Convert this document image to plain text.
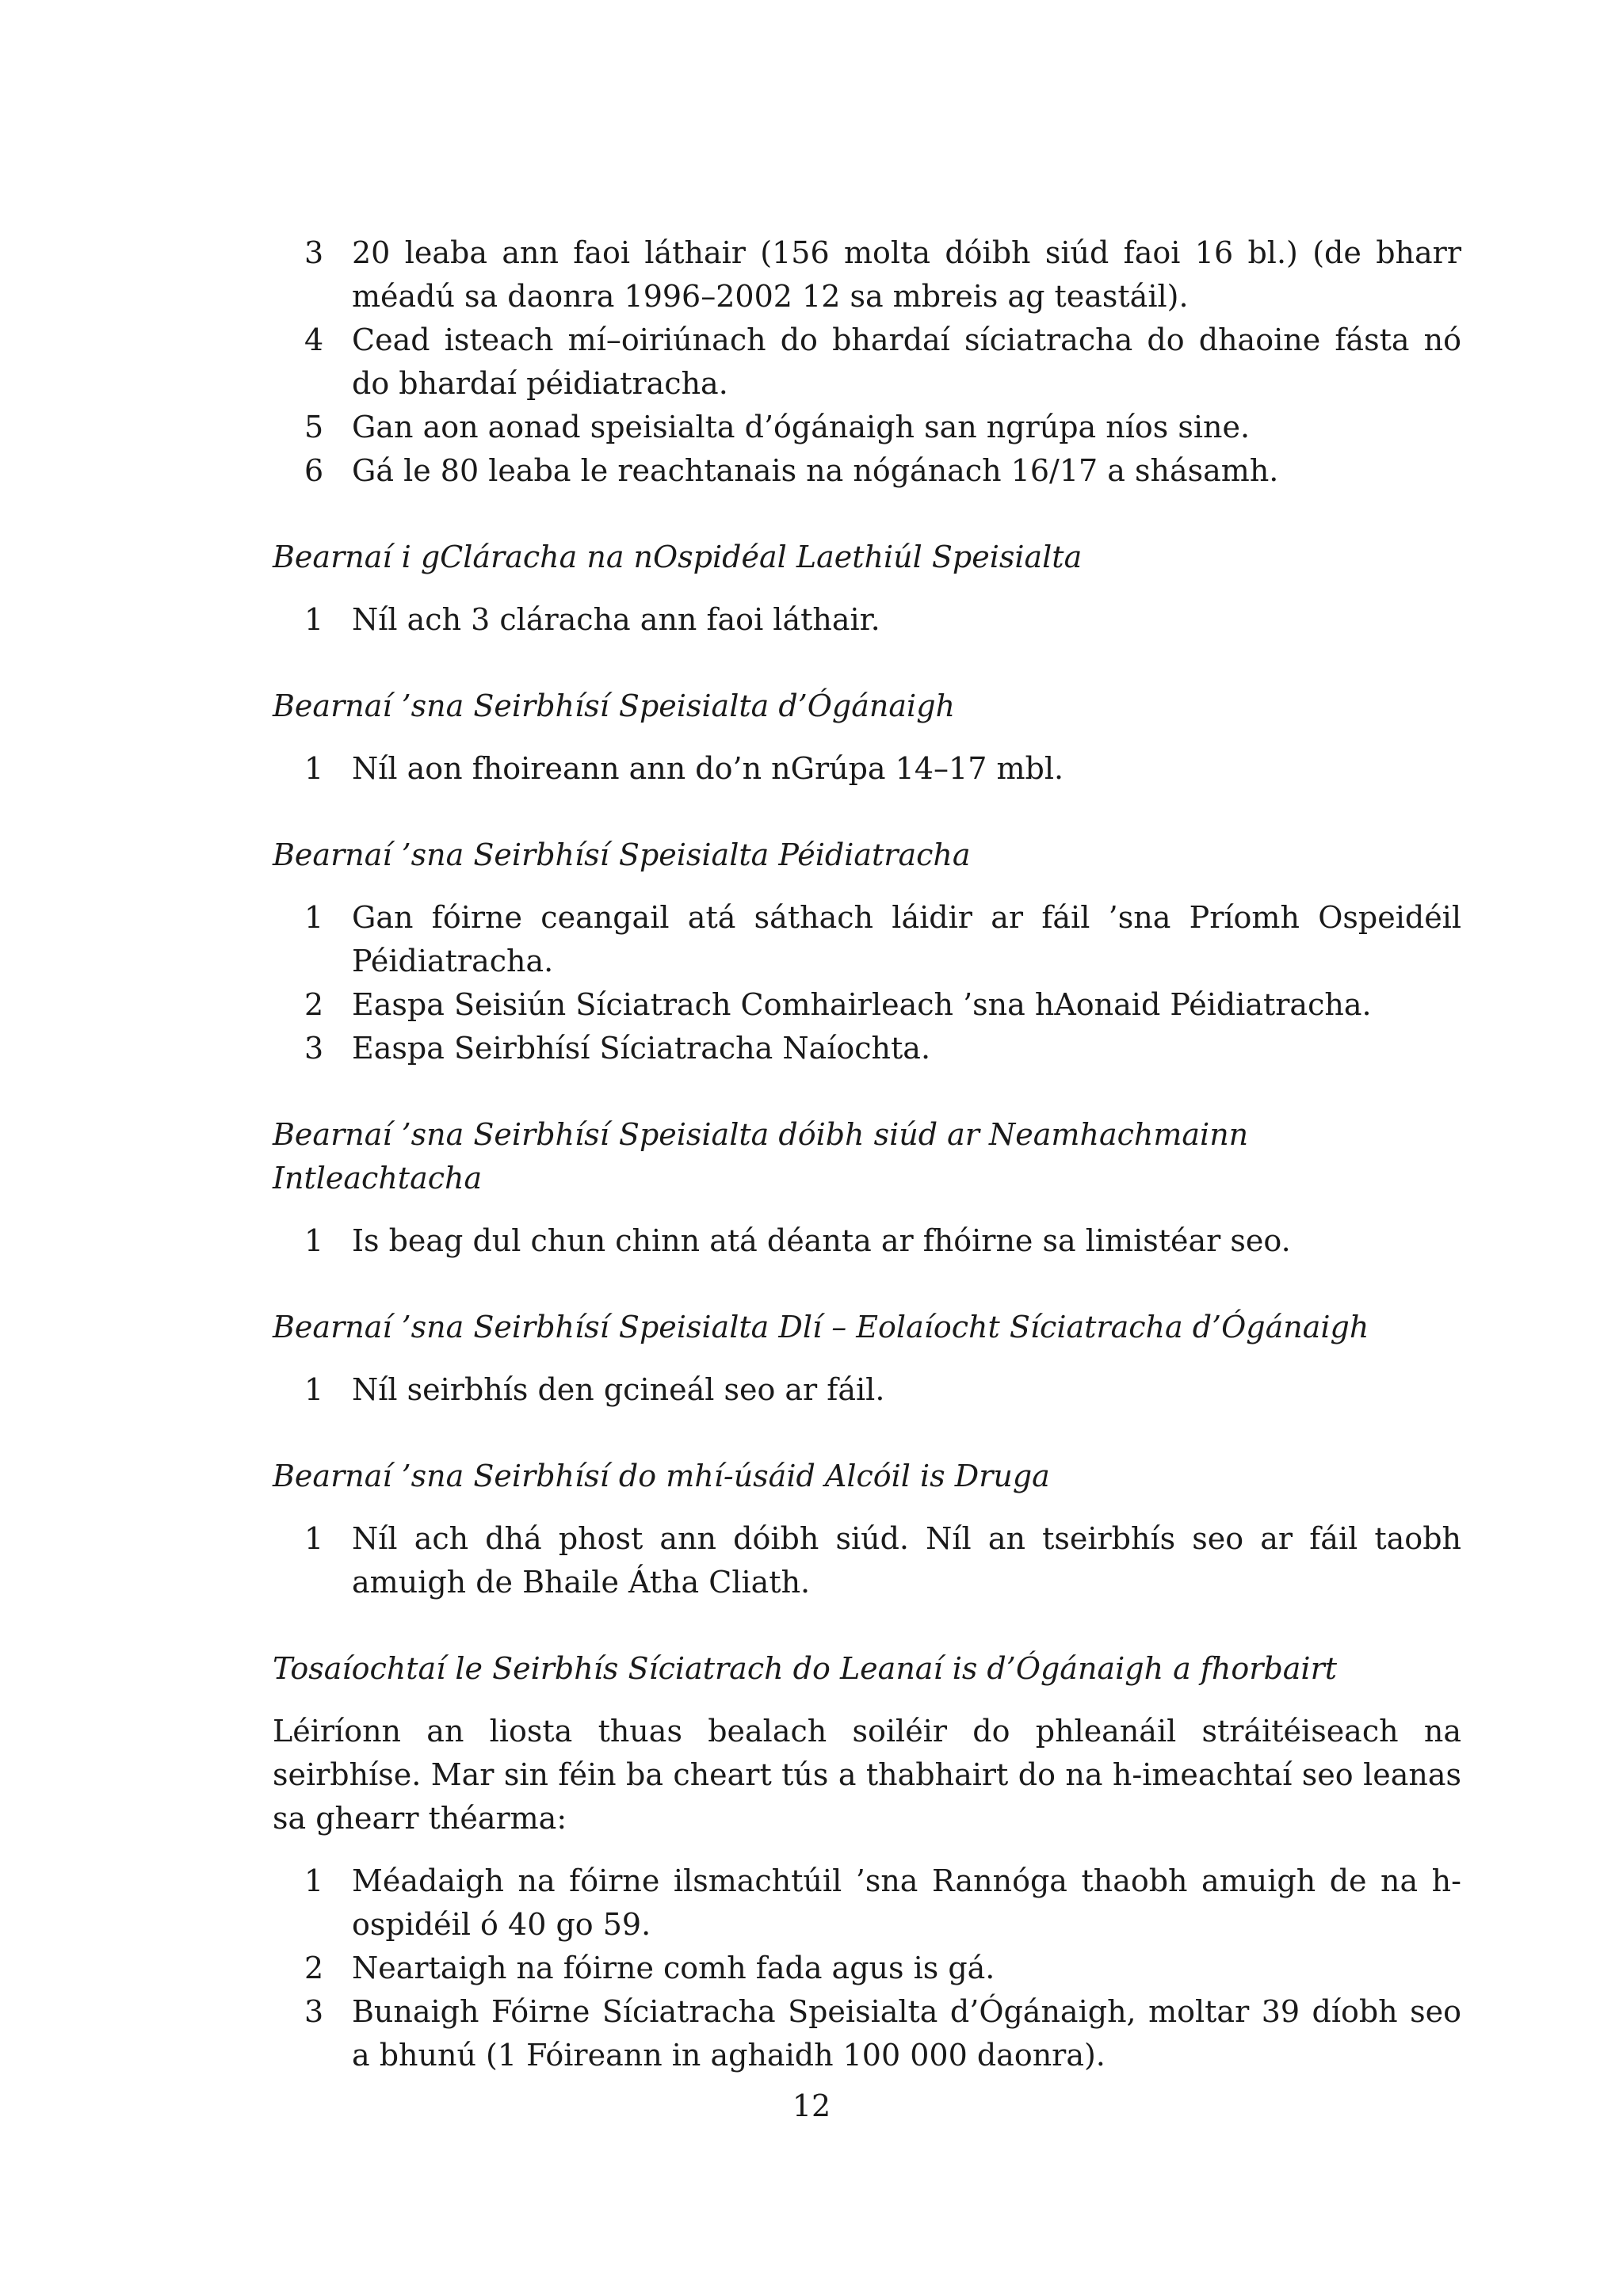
3 20 leaba ann faoi láthair (156 molta dóibh siúd faoi 16 bl.) (de bharr méadú sa daonra 1996–2002 12 sa mbreis ag teastáil).
4 Cead isteach mí–oiriúnach do bhardaí síciatracha do dhaoine fásta nó do bhardaí péidiatracha.
5 Gan aon aonad speisialta d’ógánaigh san ngrúpa níos sine.
6 Gá le 80 leaba le reachtanais na nógánach 16/17 a shásamh.

Bearnaí i gCláracha na nOspidéal Laethiúl Speisialta

1 Níl ach 3 cláracha ann faoi láthair.

Bearnaí ’sna Seirbhísí Speisialta d’Ógánaigh

1 Níl aon fhoireann ann do’n nGrúpa 14–17 mbl.

Bearnaí ’sna Seirbhísí Speisialta Péidiatracha

1 Gan fóirne ceangail atá sáthach láidir ar fáil ’sna Príomh Ospeidéil Péidiatracha.
2 Easpa Seisiún Síciatrach Comhairleach ’sna hAonaid Péidiatracha.
3 Easpa Seirbhísí Síciatracha Naíochta.

Bearnaí ’sna Seirbhísí Speisialta dóibh siúd ar Neamhachmainn Intleachtacha

1 Is beag dul chun chinn atá déanta ar fhóirne sa limistéar seo.

Bearnaí ’sna Seirbhísí Speisialta Dlí – Eolaíocht Síciatracha d’Ógánaigh

1 Níl seirbhís den gcineál seo ar fáil.

Bearnaí ’sna Seirbhísí do mhí-úsáid Alcóil is Druga

1 Níl ach dhá phost ann dóibh siúd. Níl an tseirbhís seo ar fáil taobh amuigh de Bhaile Átha Cliath.

Tosaíochtaí le Seirbhís Síciatrach do Leanaí is d’Ógánaigh a fhorbairt

Léiríonn an liosta thuas bealach soiléir do phleanáil stráitéiseach na seirbhíse. Mar sin féin ba cheart tús a thabhairt do na h-imeachtaí seo leanas sa ghearr théarma:

1 Méadaigh na fóirne ilsmachtúil ’sna Rannóga thaobh amuigh de na h-ospidéil ó 40 go 59.
2 Neartaigh na fóirne comh fada agus is gá.
3 Bunaigh Fóirne Síciatracha Speisialta d’Ógánaigh, moltar 39 díobh seo a bhunú (1 Fóireann in aghaidh 100 000 daonra).
12
